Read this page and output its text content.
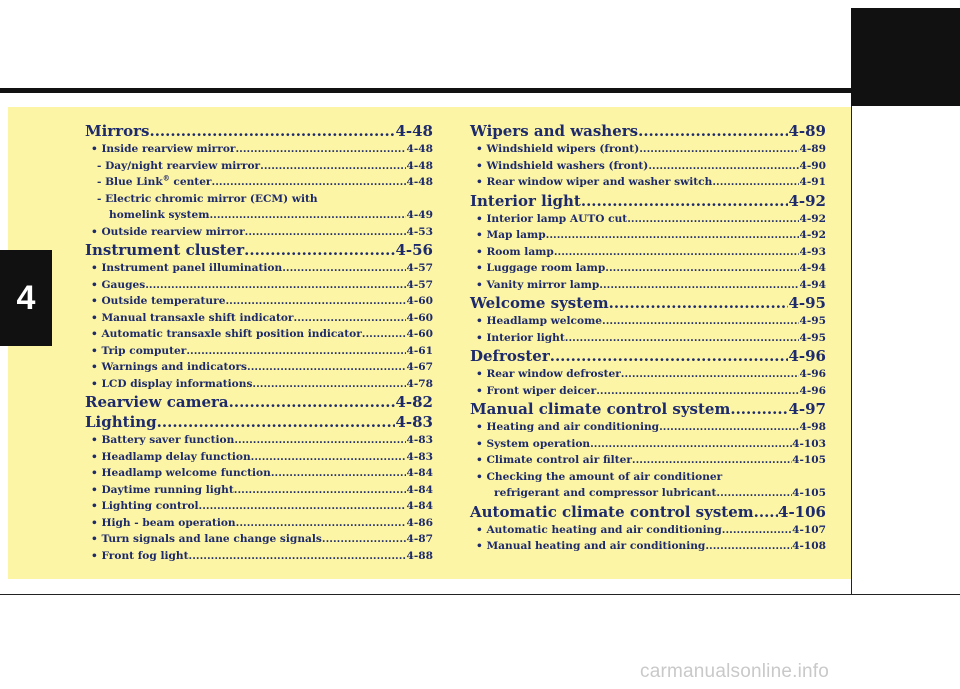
4
Mirrors .....	4-48
• Inside rearview mirror .....	4-48
- Day/night rearview mirror .....	4-48
- Blue Link® center .....	4-48
- Electric chromic mirror (ECM) with
homelink system .....	4-49
• Outside rearview mirror .....	4-53
Instrument cluster .....	4-56
• Instrument panel illumination .....	4-57
• Gauges .....	4-57
• Outside temperature .....	4-60
• Manual transaxle shift indicator .....	4-60
• Automatic transaxle shift position indicator .....	4-60
• Trip computer .....	4-61
• Warnings and indicators .....	4-67
• LCD display informations .....	4-78
Rearview camera .....	4-82
Lighting .....	4-83
• Battery saver function .....	4-83
• Headlamp delay function .....	4-83
• Headlamp welcome function .....	4-84
• Daytime running light .....	4-84
• Lighting control .....	4-84
• High - beam operation .....	4-86
• Turn signals and lane change signals .....	4-87
• Front fog light .....	4-88
Wipers and washers .....	4-89
• Windshield wipers (front) .....	4-89
• Windshield washers (front) .....	4-90
• Rear window wiper and washer switch .....	4-91
Interior light .....	4-92
• Interior lamp AUTO cut .....	4-92
• Map lamp .....	4-92
• Room lamp .....	4-93
• Luggage room lamp .....	4-94
• Vanity mirror lamp .....	4-94
Welcome system .....	4-95
• Headlamp welcome .....	4-95
• Interior light .....	4-95
Defroster .....	4-96
• Rear window defroster .....	4-96
• Front wiper deicer .....	4-96
Manual climate control system .....	4-97
• Heating and air conditioning .....	4-98
• System operation .....	4-103
• Climate control air filter .....	4-105
• Checking the amount of air conditioner
refrigerant and compressor lubricant .....	4-105
Automatic climate control system ..... 4-106
• Automatic heating and air conditioning .....	4-107
• Manual heating and air conditioning .....	4-108
carmanualsonline.info
